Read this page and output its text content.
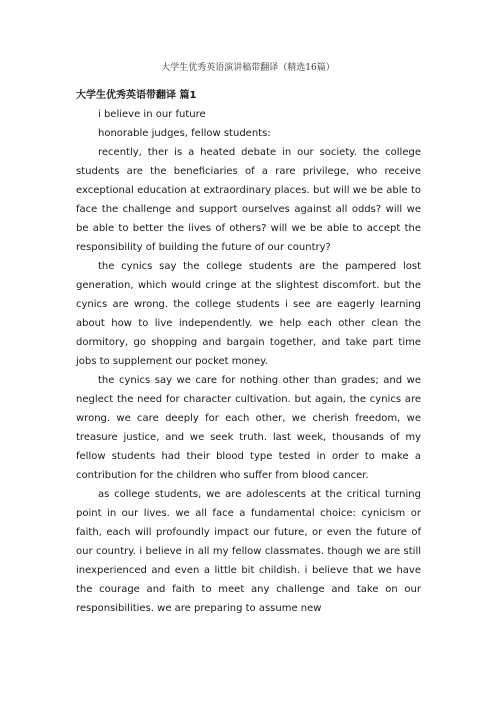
大学生优秀英语演讲稿带翻译（精选16篇）
大学生优秀英语带翻译 篇1

i believe in our future

honorable judges, fellow students:

recently, ther is a heated debate in our society. the college students are the beneficiaries of a rare privilege, who receive exceptional education at extraordinary places. but will we be able to face the challenge and support ourselves against all odds? will we be able to better the lives of others? will we be able to accept the responsibility of building the future of our country?

the cynics say the college students are the pampered lost generation, which would cringe at the slightest discomfort. but the cynics are wrong. the college students i see are eagerly learning about how to live independently. we help each other clean the dormitory, go shopping and bargain together, and take part time jobs to supplement our pocket money.

the cynics say we care for nothing other than grades; and we neglect the need for character cultivation. but again, the cynics are wrong. we care deeply for each other, we cherish freedom, we treasure justice, and we seek truth. last week, thousands of my fellow students had their blood type tested in order to make a contribution for the children who suffer from blood cancer.

as college students, we are adolescents at the critical turning point in our lives. we all face a fundamental choice: cynicism or faith, each will profoundly impact our future, or even the future of our country. i believe in all my fellow classmates. though we are still inexperienced and even a little bit childish. i believe that we have the courage and faith to meet any challenge and take on our responsibilities. we are preparing to assume new
